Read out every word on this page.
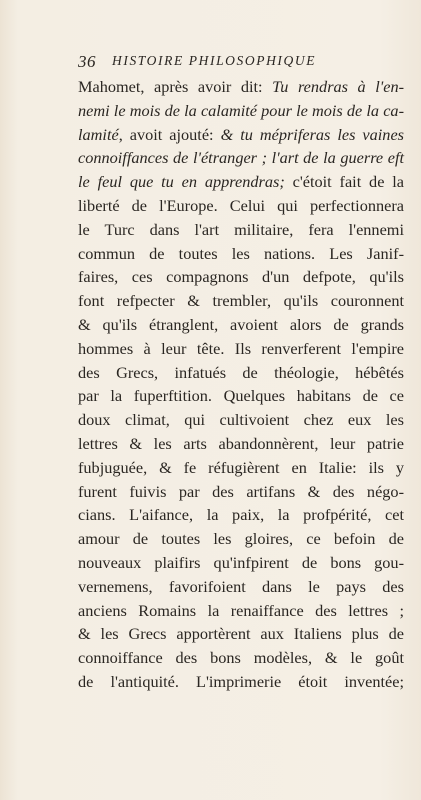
36 HISTOIRE PHILOSOPHIQUE
Mahomet, après avoir dit: Tu rendras à l'en-
nemi le mois de la calamité pour le mois de la ca-
lamité, avoit ajouté: & tu mépriferas les vaines
connoiffances de l'étranger ; l'art de la guerre eft
le feul que tu en apprendras; c'étoit fait de la
liberté de l'Europe. Celui qui perfectionnera
le Turc dans l'art militaire, fera l'ennemi
commun de toutes les nations. Les Janif-
faires, ces compagnons d'un defpote, qu'ils
font refpecter & trembler, qu'ils couronnent
& qu'ils étranglent, avoient alors de grands
hommes à leur tête. Ils renverferent l'empire
des Grecs, infatués de théologie, hébêtés
par la fuperftition. Quelques habitans de ce
doux climat, qui cultivoient chez eux les
lettres & les arts abandonnèrent, leur patrie
fubjuguée, & fe réfugièrent en Italie: ils y
furent fuivis par des artifans & des négo-
cians. L'aifance, la paix, la profpérité, cet
amour de toutes les gloires, ce befoin de
nouveaux plaifirs qu'infpirent de bons gou-
vernemens, favorifoient dans le pays des
anciens Romains la renaiffance des lettres ;
& les Grecs apportèrent aux Italiens plus de
connoiffance des bons modèles, & le goût
de l'antiquité. L'imprimerie étoit inventée;
